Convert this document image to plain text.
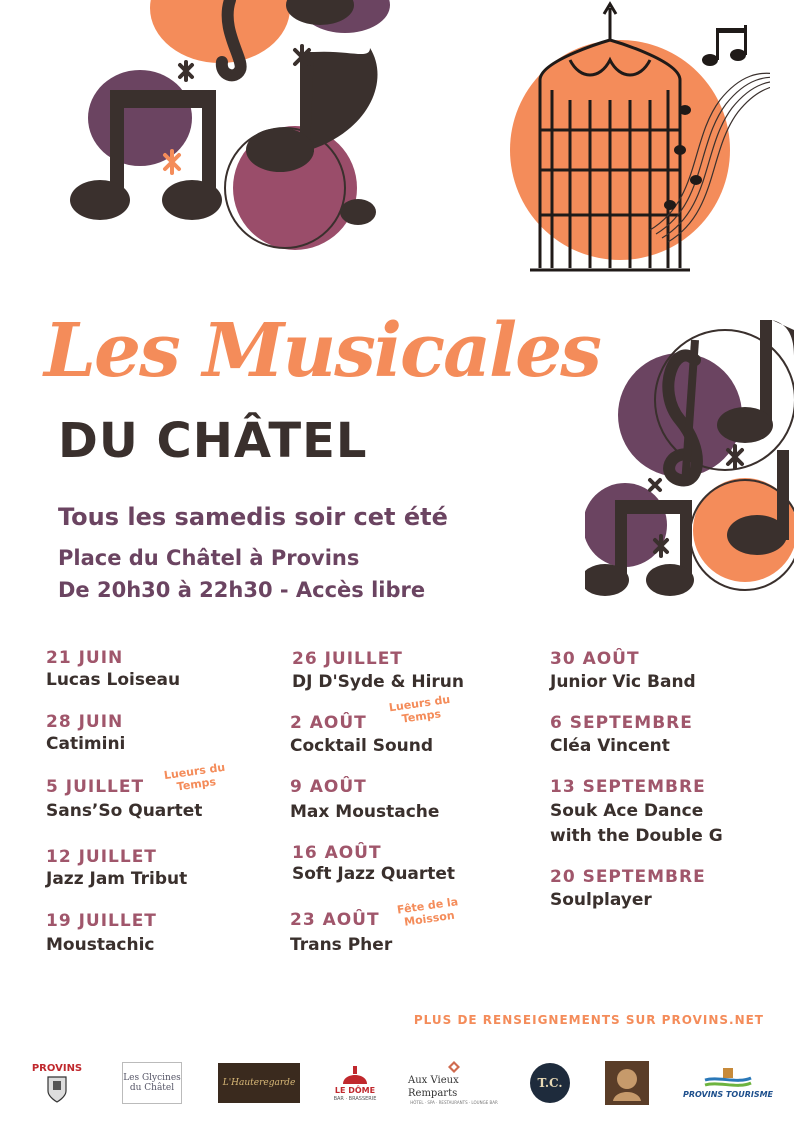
Les Musicales
DU CHÂTEL
Tous les samedis soir cet été
Place du Châtel à Provins
De 20h30 à 22h30 - Accès libre
21 JUIN
Lucas Loiseau
28 JUIN
Catimini
5 JUILLET
Lueurs du Temps
Sans’So Quartet
12 JUILLET
Jazz Jam Tribut
19 JUILLET
Moustachic
26 JUILLET
DJ D'Syde & Hirun
2 AOÛT
Lueurs du Temps
Cocktail Sound
9 AOÛT
Max Moustache
16 AOÛT
Soft Jazz Quartet
23 AOÛT
Fête de la Moisson
Trans Pher
30 AOÛT
Junior Vic Band
6 SEPTEMBRE
Cléa Vincent
13 SEPTEMBRE
Souk Ace Dance
with the Double G
20 SEPTEMBRE
Soulplayer
PLUS DE RENSEIGNEMENTS SUR PROVINS.NET
PROVINS
Les Glycines du Châtel	L'Hauteregarde
LE DÔME
BAR · BRASSERIE
Aux Vieux Remparts
HÔTEL · SPA · RESTAURANTS · LOUNGE BAR
T.C.
PROVINS TOURISME
